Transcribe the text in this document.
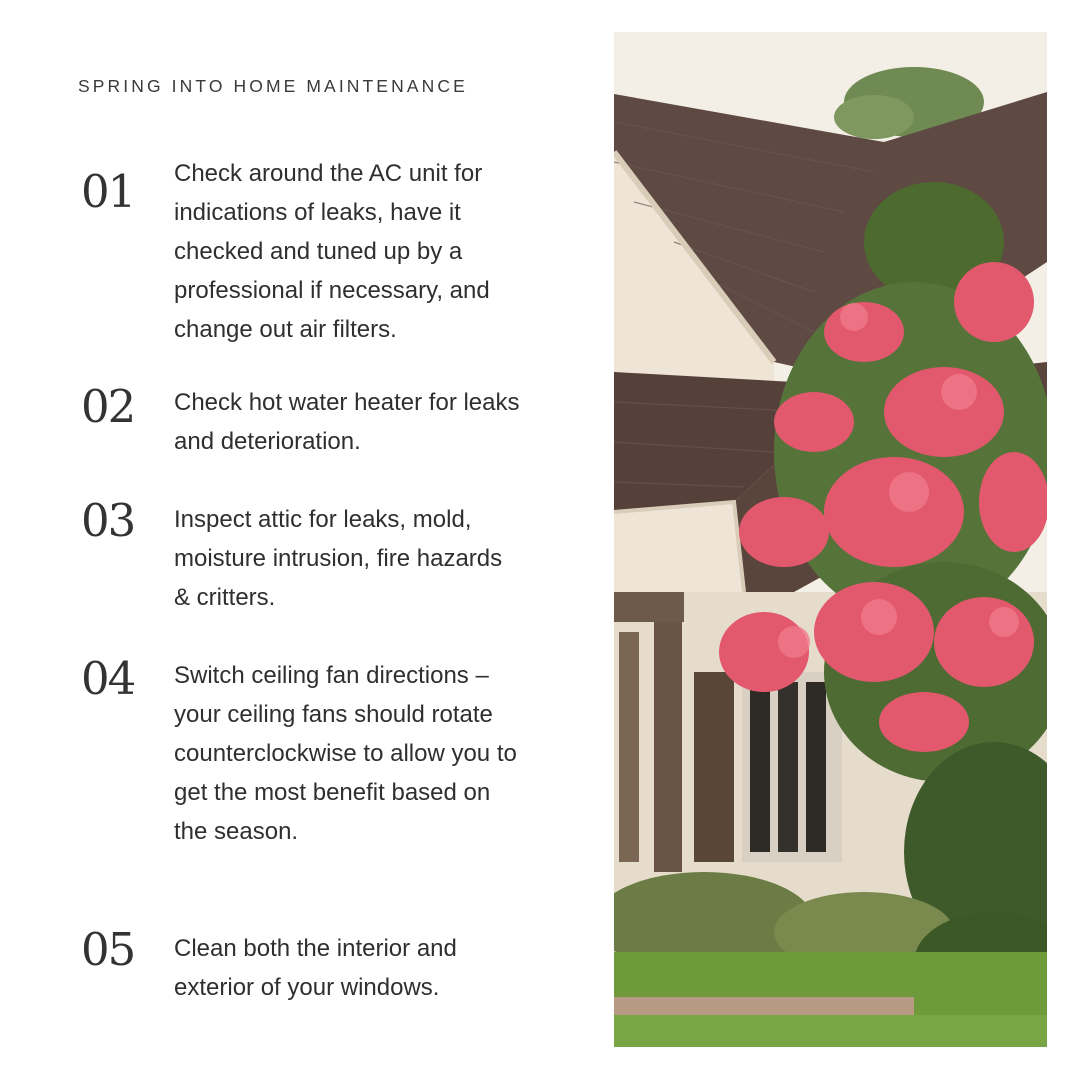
SPRING INTO HOME MAINTENANCE
01 Check around the AC unit for indications of leaks, have it checked and tuned up by a professional if necessary, and change out air filters.
02 Check hot water heater for leaks and deterioration.
03 Inspect attic for leaks, mold, moisture intrusion, fire hazards & critters.
04 Switch ceiling fan directions – your ceiling fans should rotate counterclockwise to allow you to get the most benefit based on the season.
05 Clean both the interior and exterior of your windows.
